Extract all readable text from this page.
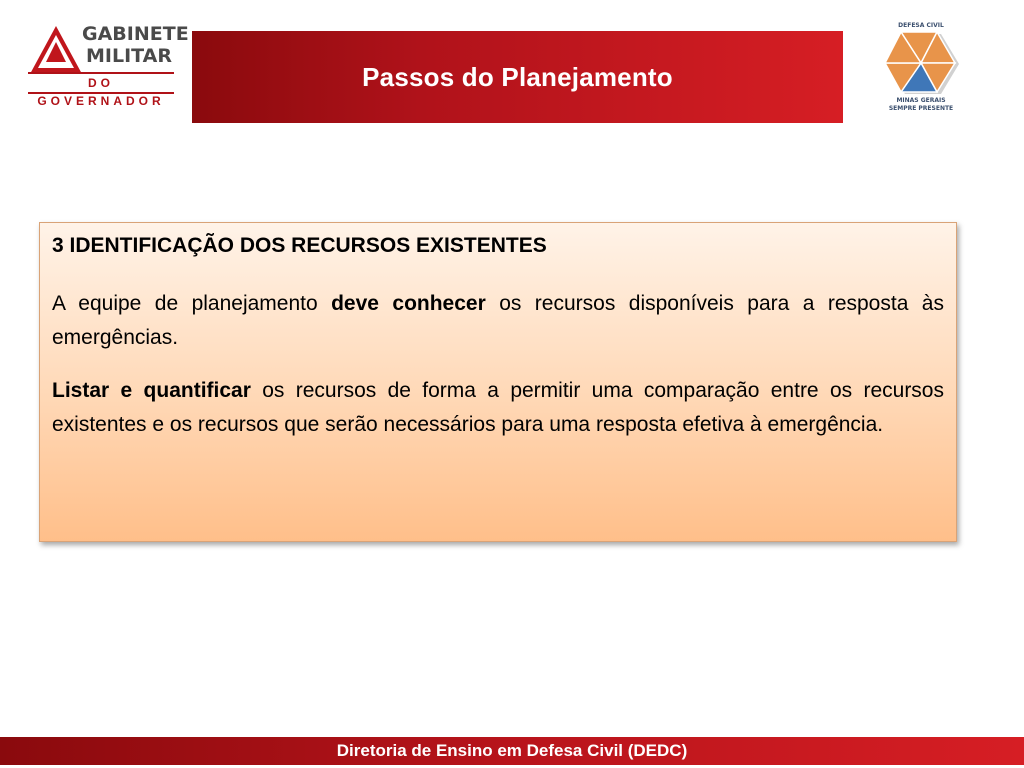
GABINETE
MILITAR
DO GOVERNADOR
Passos do Planejamento
DEFESA CIVIL
MINAS GERAIS
SEMPRE PRESENTE
3 IDENTIFICAÇÃO DOS RECURSOS EXISTENTES

A equipe de planejamento deve conhecer os recursos disponíveis para a resposta às emergências.

Listar e quantificar os recursos de forma a permitir uma comparação entre os recursos existentes e os recursos que serão necessários para uma resposta efetiva à emergência.

Diretoria de Ensino em Defesa Civil (DEDC)
